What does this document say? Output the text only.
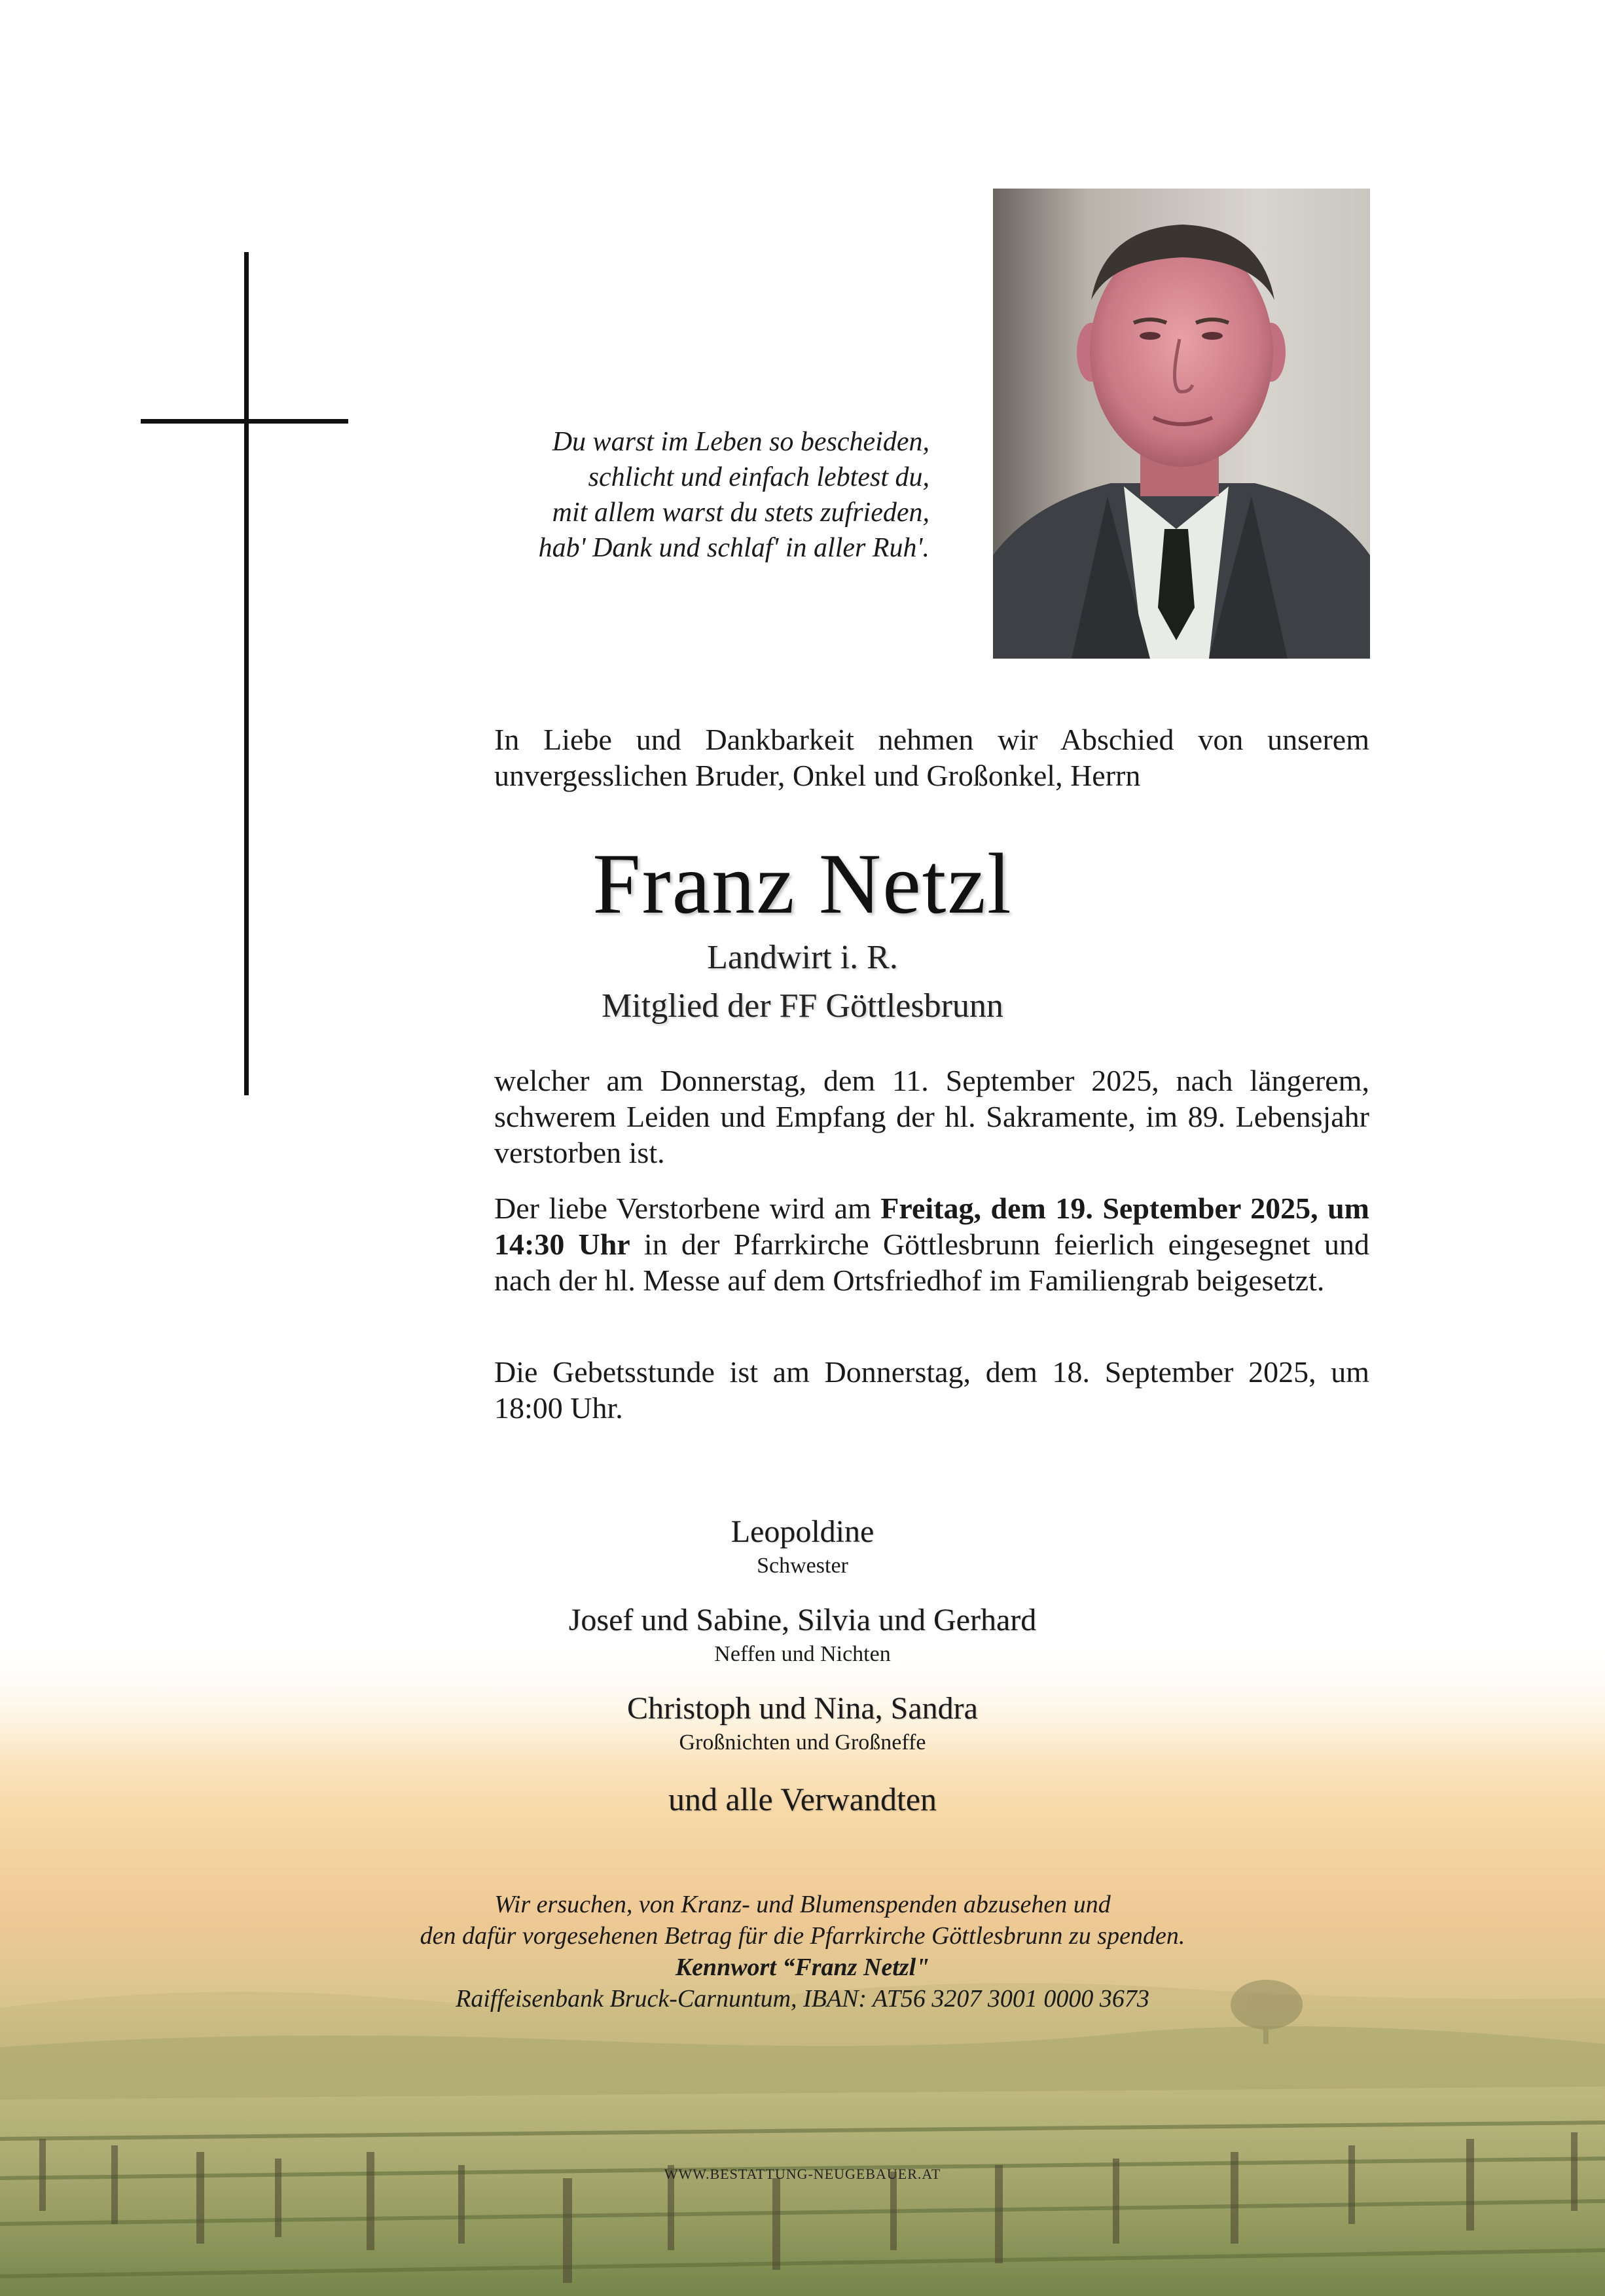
Du warst im Leben so bescheiden,
schlicht und einfach lebtest du,
mit allem warst du stets zufrieden,
hab' Dank und schlaf' in aller Ruh'.
In Liebe und Dankbarkeit nehmen wir Abschied von unserem unvergesslichen Bruder, Onkel und Großonkel, Herrn
Franz Netzl
Landwirt i. R.
Mitglied der FF Göttlesbrunn
welcher am Donnerstag, dem 11. September 2025, nach längerem, schwerem Leiden und Empfang der hl. Sakramente, im 89. Lebensjahr verstorben ist.
Der liebe Verstorbene wird am Freitag, dem 19. September 2025, um 14:30 Uhr in der Pfarrkirche Göttlesbrunn feierlich eingesegnet und nach der hl. Messe auf dem Ortsfriedhof im Familiengrab beigesetzt.
Die Gebetsstunde ist am Donnerstag, dem 18. September 2025, um 18:00 Uhr.
Leopoldine
Schwester
Josef und Sabine, Silvia und Gerhard
Neffen und Nichten
Christoph und Nina, Sandra
Großnichten und Großneffe
und alle Verwandten
Wir ersuchen, von Kranz- und Blumenspenden abzusehen und
den dafür vorgesehenen Betrag für die Pfarrkirche Göttlesbrunn zu spenden.
Kennwort “Franz Netzl"
Raiffeisenbank Bruck-Carnuntum, IBAN: AT56 3207 3001 0000 3673
WWW.BESTATTUNG-NEUGEBAUER.AT
